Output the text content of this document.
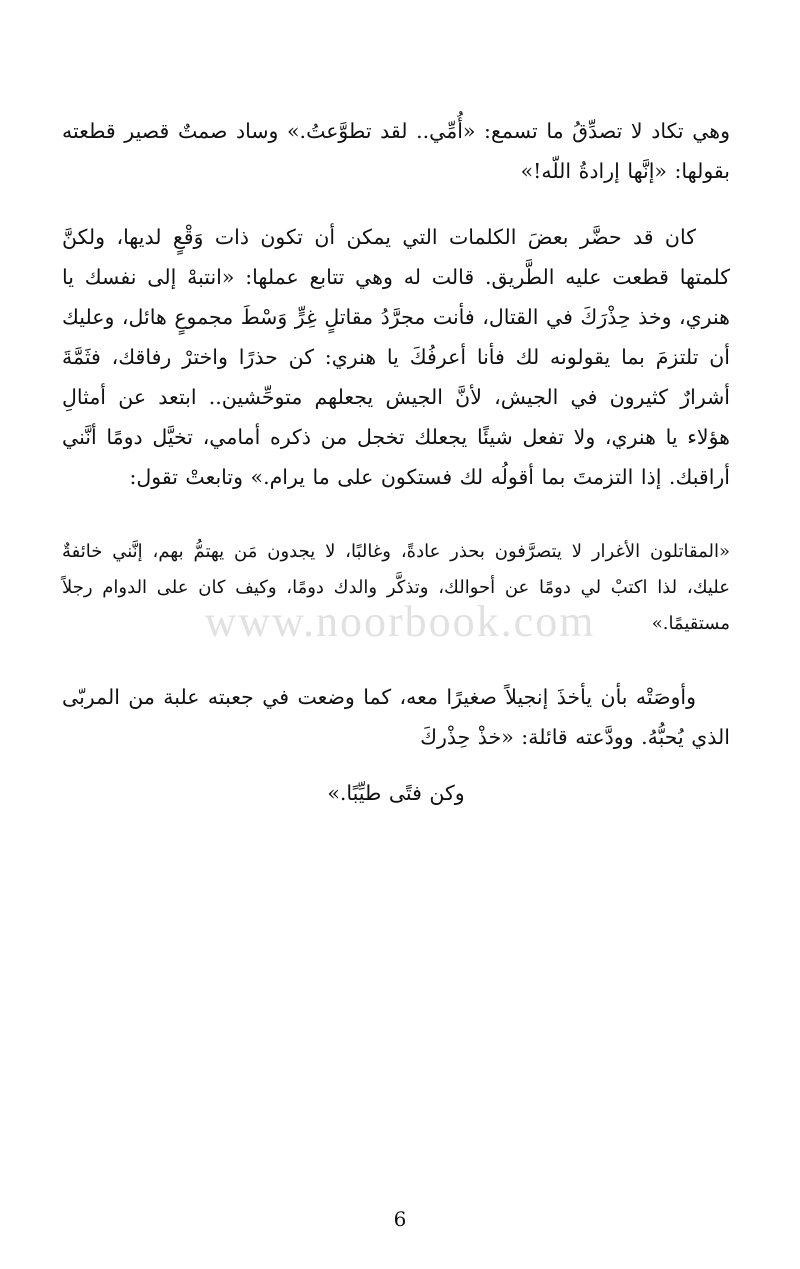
وهي تكاد لا تصدِّقُ ما تسمع: «أُمِّي.. لقد تطوَّعتُ.» وساد صمتٌ قصير قطعته بقولها: «إنَّها إرادةُ اللّه!»

كان قد حضَّر بعضَ الكلمات التي يمكن أن تكون ذات وَقْعٍ لديها، ولكنَّ كلمتها قطعت عليه الطَّريق. قالت له وهي تتابع عملها: «انتبهْ إلى نفسك يا هنري، وخذ حِذْرَكَ في القتال، فأنت مجرَّدُ مقاتلٍ غِرٍّ وَسْطَ مجموعٍ هائل، وعليك أن تلتزمَ بما يقولونه لك فأنا أعرفُكَ يا هنري: كن حذرًا واخترْ رفاقك، فثَمَّةَ أشرارٌ كثيرون في الجيش، لأنَّ الجيش يجعلهم متوحِّشين.. ابتعد عن أمثالِ هؤلاء يا هنري، ولا تفعل شيئًا يجعلك تخجل من ذكره أمامي، تخيَّل دومًا أنَّني أراقبك. إذا التزمتَ بما أقولُه لك فستكون على ما يرام.» وتابعتْ تقول:

«المقاتلون الأغرار لا يتصرَّفون بحذر عادةً، وغالبًا، لا يجدون مَن يهتمُّ بهم، إنَّني خائفةٌ عليك، لذا اكتبْ لي دومًا عن أحوالك، وتذكَّر والدك دومًا، وكيف كان على الدوام رجلاً مستقيمًا.»

وأوصَتْه بأن يأخذَ إنجيلاً صغيرًا معه، كما وضعت في جعبته علبة من المربّى الذي يُحبُّهُ. وودَّعته قائلة: «خذْ حِذْركَ

وكن فتًى طيِّبًا.»

www.noorbook.com
6
